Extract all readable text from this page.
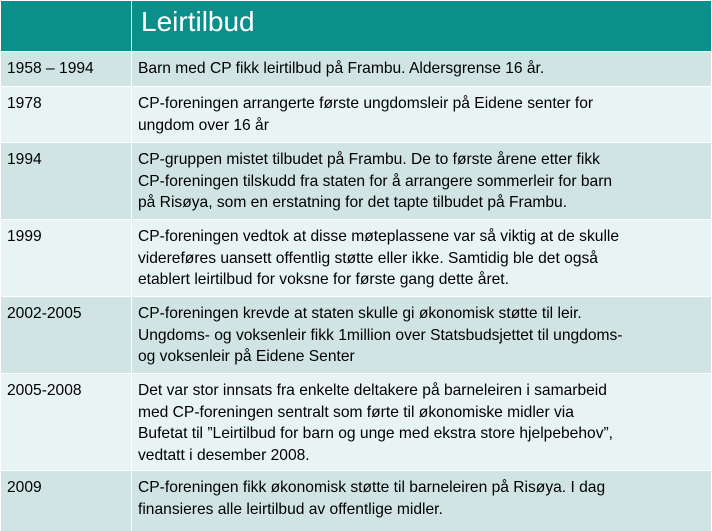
	Leirtilbud

1958 – 1994	Barn med CP fikk leirtilbud på Frambu. Aldersgrense 16 år.

1978	CP-foreningen arrangerte første ungdomsleir på Eidene senter for
ungdom over 16 år

1994	CP-gruppen mistet tilbudet på Frambu. De to første årene etter fikk
CP-foreningen tilskudd fra staten for å arrangere sommerleir for barn
på Risøya, som en erstatning for det tapte tilbudet på Frambu.

1999	CP-foreningen vedtok at disse møteplassene var så viktig at de skulle
videreføres uansett offentlig støtte eller ikke. Samtidig ble det også
etablert leirtilbud for voksne for første gang dette året.

2002-2005	CP-foreningen krevde at staten skulle gi økonomisk støtte til leir.
Ungdoms- og voksenleir fikk 1million over Statsbudsjettet til ungdoms-
og voksenleir på Eidene Senter

2005-2008	Det var stor innsats fra enkelte deltakere på barneleiren i samarbeid
med CP-foreningen sentralt som førte til økonomiske midler via
Bufetat til ”Leirtilbud for barn og unge med ekstra store hjelpebehov”,
vedtatt i desember 2008.

2009	CP-foreningen fikk økonomisk støtte til barneleiren på Risøya. I dag
finansieres alle leirtilbud av offentlige midler.
